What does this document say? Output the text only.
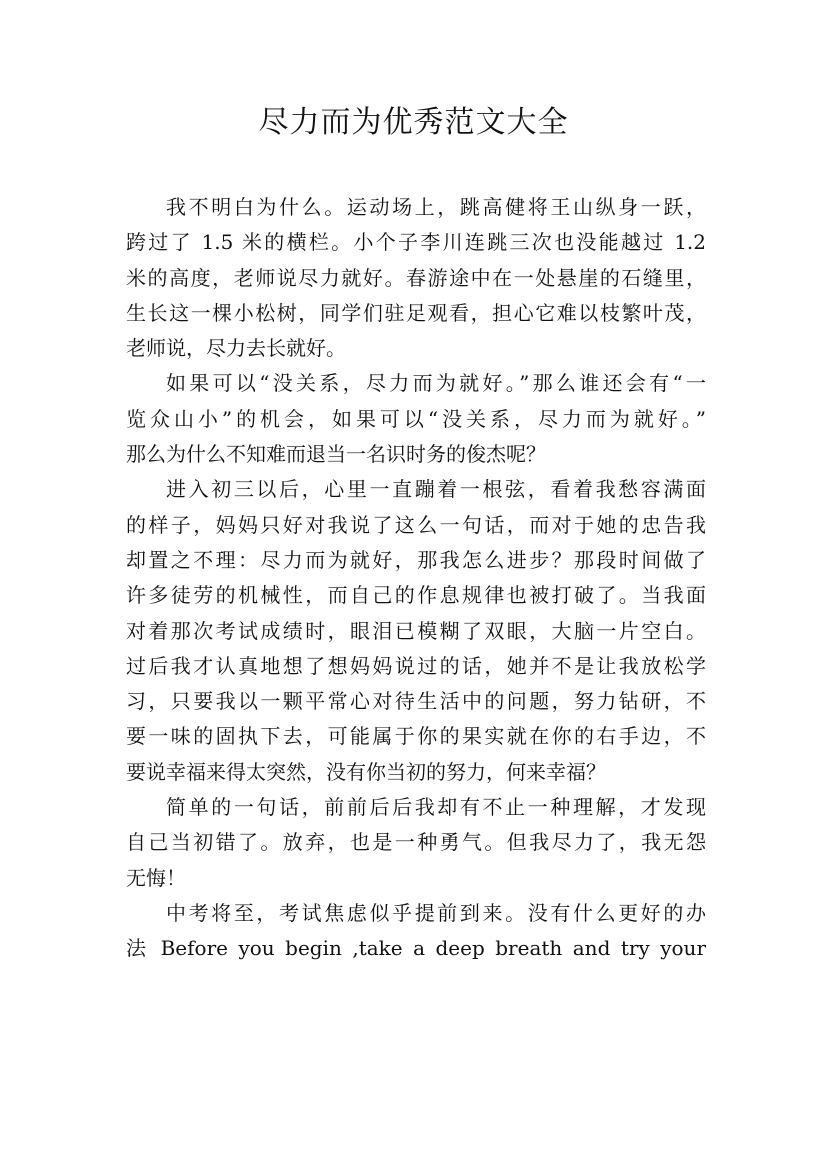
尽力而为优秀范文大全
我不明白为什么。运动场上，跳高健将王山纵身一跃，
跨过了 1.5 米的横栏。小个子李川连跳三次也没能越过 1.2
米的高度，老师说尽力就好。春游途中在一处悬崖的石缝里，
生长这一棵小松树，同学们驻足观看，担心它难以枝繁叶茂，
老师说，尽力去长就好。
如果可以“没关系，尽力而为就好。”那么谁还会有“一
览众山小”的机会，如果可以“没关系，尽力而为就好。”
那么为什么不知难而退当一名识时务的俊杰呢？
进入初三以后，心里一直蹦着一根弦，看着我愁容满面
的样子，妈妈只好对我说了这么一句话，而对于她的忠告我
却置之不理：尽力而为就好，那我怎么进步？那段时间做了
许多徒劳的机械性，而自己的作息规律也被打破了。当我面
对着那次考试成绩时，眼泪已模糊了双眼，大脑一片空白。
过后我才认真地想了想妈妈说过的话，她并不是让我放松学
习，只要我以一颗平常心对待生活中的问题，努力钻研，不
要一味的固执下去，可能属于你的果实就在你的右手边，不
要说幸福来得太突然，没有你当初的努力，何来幸福？
简单的一句话，前前后后我却有不止一种理解，才发现
自己当初错了。放弃，也是一种勇气。但我尽力了，我无怨
无悔！
中考将至，考试焦虑似乎提前到来。没有什么更好的办
法 Before you begin ,take a deep breath and try your
